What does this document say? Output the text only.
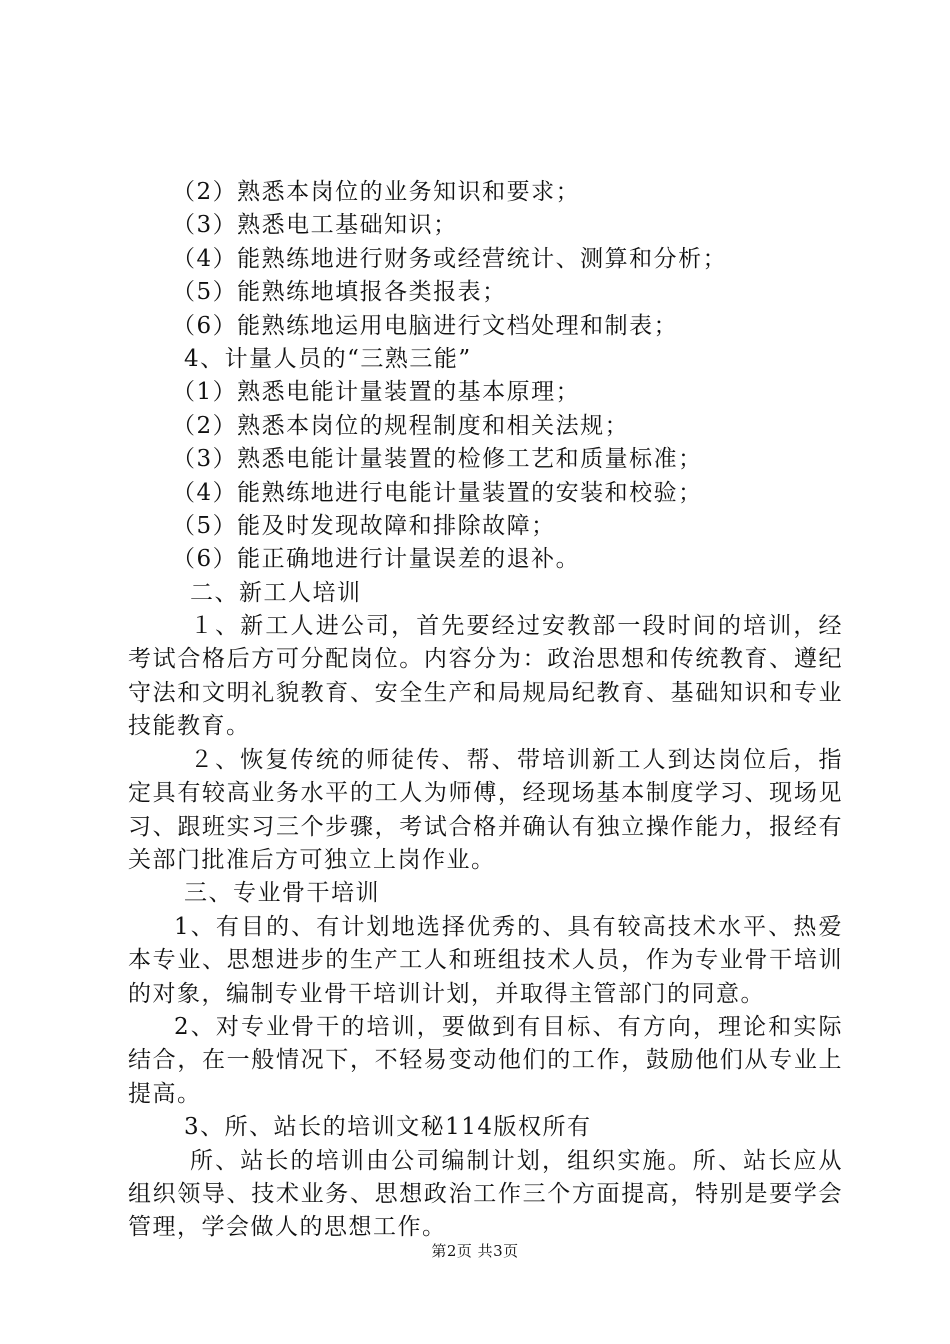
（2）熟悉本岗位的业务知识和要求；

（3）熟悉电工基础知识；

（4）能熟练地进行财务或经营统计、测算和分析；

（5）能熟练地填报各类报表；

（6）能熟练地运用电脑进行文档处理和制表；

4、计量人员的“三熟三能”

（1）熟悉电能计量装置的基本原理；

（2）熟悉本岗位的规程制度和相关法规；

（3）熟悉电能计量装置的检修工艺和质量标准；

（4）能熟练地进行电能计量装置的安装和校验；

（5）能及时发现故障和排除故障；

（6）能正确地进行计量误差的退补。

二、新工人培训

１、新工人进公司，首先要经过安教部一段时间的培训，经考试合格后方可分配岗位。内容分为：政治思想和传统教育、遵纪守法和文明礼貌教育、安全生产和局规局纪教育、基础知识和专业技能教育。

２、恢复传统的师徒传、帮、带培训新工人到达岗位后，指定具有较高业务水平的工人为师傅，经现场基本制度学习、现场见习、跟班实习三个步骤，考试合格并确认有独立操作能力，报经有关部门批准后方可独立上岗作业。

三、专业骨干培训

1、有目的、有计划地选择优秀的、具有较高技术水平、热爱本专业、思想进步的生产工人和班组技术人员，作为专业骨干培训的对象，编制专业骨干培训计划，并取得主管部门的同意。

2、对专业骨干的培训，要做到有目标、有方向，理论和实际结合，在一般情况下，不轻易变动他们的工作，鼓励他们从专业上提高。

3、所、站长的培训文秘114版权所有

所、站长的培训由公司编制计划，组织实施。所、站长应从组织领导、技术业务、思想政治工作三个方面提高，特别是要学会管理，学会做人的思想工作。

第2页 共3页
